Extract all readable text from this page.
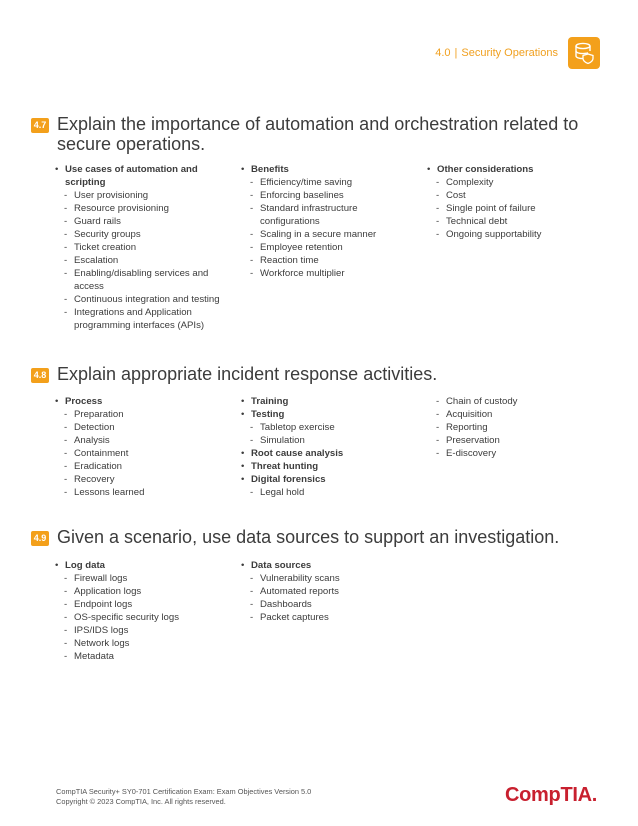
4.0 | Security Operations
4.7 Explain the importance of automation and orchestration related to secure operations.
• Use cases of automation and scripting
- User provisioning
- Resource provisioning
- Guard rails
- Security groups
- Ticket creation
- Escalation
- Enabling/disabling services and access
- Continuous integration and testing
- Integrations and Application programming interfaces (APIs)
• Benefits
- Efficiency/time saving
- Enforcing baselines
- Standard infrastructure configurations
- Scaling in a secure manner
- Employee retention
- Reaction time
- Workforce multiplier
• Other considerations
- Complexity
- Cost
- Single point of failure
- Technical debt
- Ongoing supportability
4.8 Explain appropriate incident response activities.
• Process
- Preparation
- Detection
- Analysis
- Containment
- Eradication
- Recovery
- Lessons learned
• Training
• Testing
- Tabletop exercise
- Simulation
• Root cause analysis
• Threat hunting
• Digital forensics
- Legal hold
- Chain of custody
- Acquisition
- Reporting
- Preservation
- E-discovery
4.9 Given a scenario, use data sources to support an investigation.
• Log data
- Firewall logs
- Application logs
- Endpoint logs
- OS-specific security logs
- IPS/IDS logs
- Network logs
- Metadata
• Data sources
- Vulnerability scans
- Automated reports
- Dashboards
- Packet captures
CompTIA Security+ SY0-701 Certification Exam: Exam Objectives Version 5.0
Copyright © 2023 CompTIA, Inc. All rights reserved.	CompTIA.
